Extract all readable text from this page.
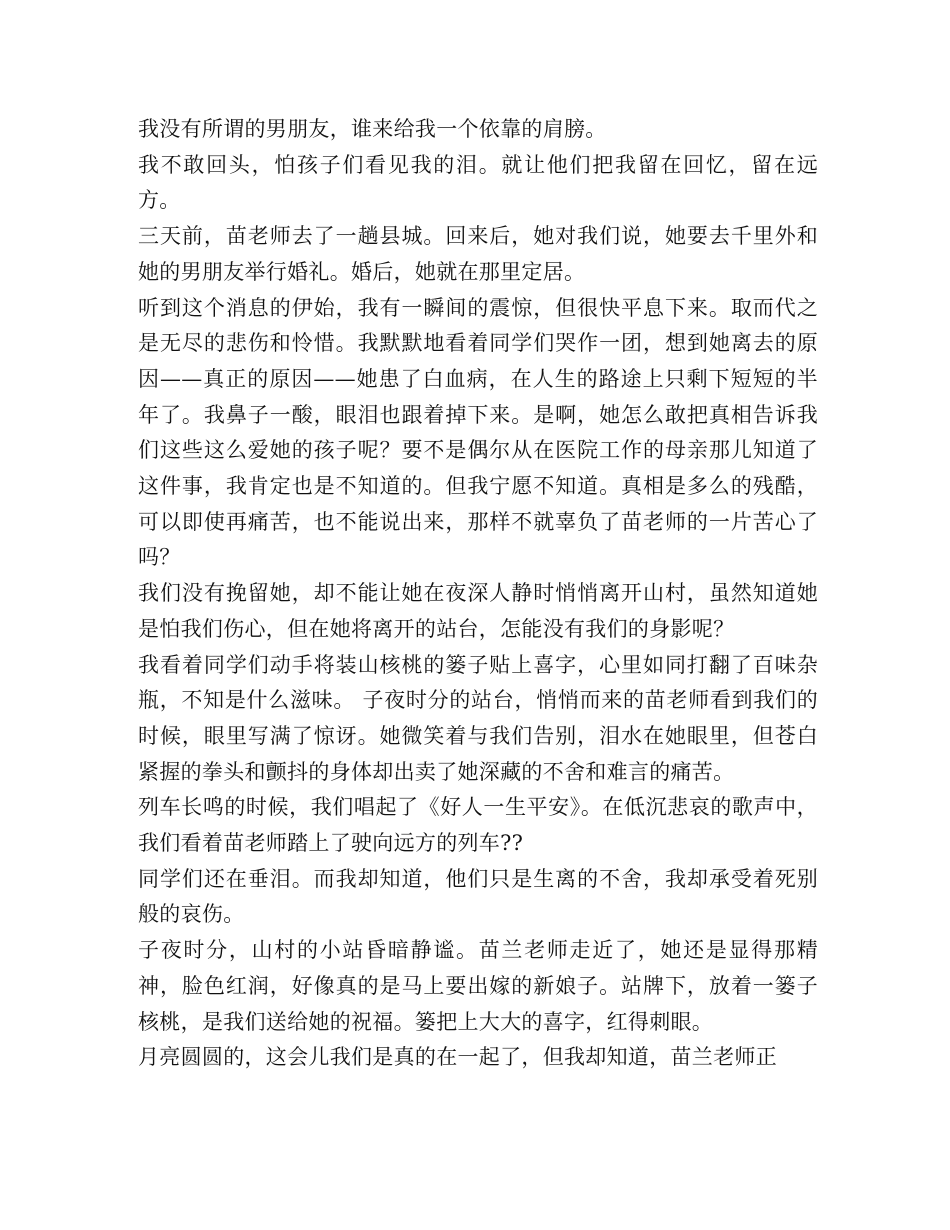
我没有所谓的男朋友，谁来给我一个依靠的肩膀。

我不敢回头，怕孩子们看见我的泪。就让他们把我留在回忆，留在远方。

三天前，苗老师去了一趟县城。回来后，她对我们说，她要去千里外和她的男朋友举行婚礼。婚后，她就在那里定居。

听到这个消息的伊始，我有一瞬间的震惊，但很快平息下来。取而代之是无尽的悲伤和怜惜。我默默地看着同学们哭作一团，想到她离去的原因——真正的原因——她患了白血病，在人生的路途上只剩下短短的半年了。我鼻子一酸，眼泪也跟着掉下来。是啊，她怎么敢把真相告诉我们这些这么爱她的孩子呢？要不是偶尔从在医院工作的母亲那儿知道了这件事，我肯定也是不知道的。但我宁愿不知道。真相是多么的残酷，可以即使再痛苦，也不能说出来，那样不就辜负了苗老师的一片苦心了吗？

我们没有挽留她，却不能让她在夜深人静时悄悄离开山村，虽然知道她是怕我们伤心，但在她将离开的站台，怎能没有我们的身影呢？

我看着同学们动手将装山核桃的篓子贴上喜字，心里如同打翻了百味杂瓶，不知是什么滋味。 子夜时分的站台，悄悄而来的苗老师看到我们的时候，眼里写满了惊讶。她微笑着与我们告别，泪水在她眼里，但苍白紧握的拳头和颤抖的身体却出卖了她深藏的不舍和难言的痛苦。

列车长鸣的时候，我们唱起了《好人一生平安》。在低沉悲哀的歌声中，我们看着苗老师踏上了驶向远方的列车??

同学们还在垂泪。而我却知道，他们只是生离的不舍，我却承受着死别般的哀伤。

子夜时分，山村的小站昏暗静谧。苗兰老师走近了，她还是显得那精神，脸色红润，好像真的是马上要出嫁的新娘子。站牌下，放着一篓子核桃，是我们送给她的祝福。篓把上大大的喜字，红得刺眼。

月亮圆圆的，这会儿我们是真的在一起了，但我却知道，苗兰老师正
